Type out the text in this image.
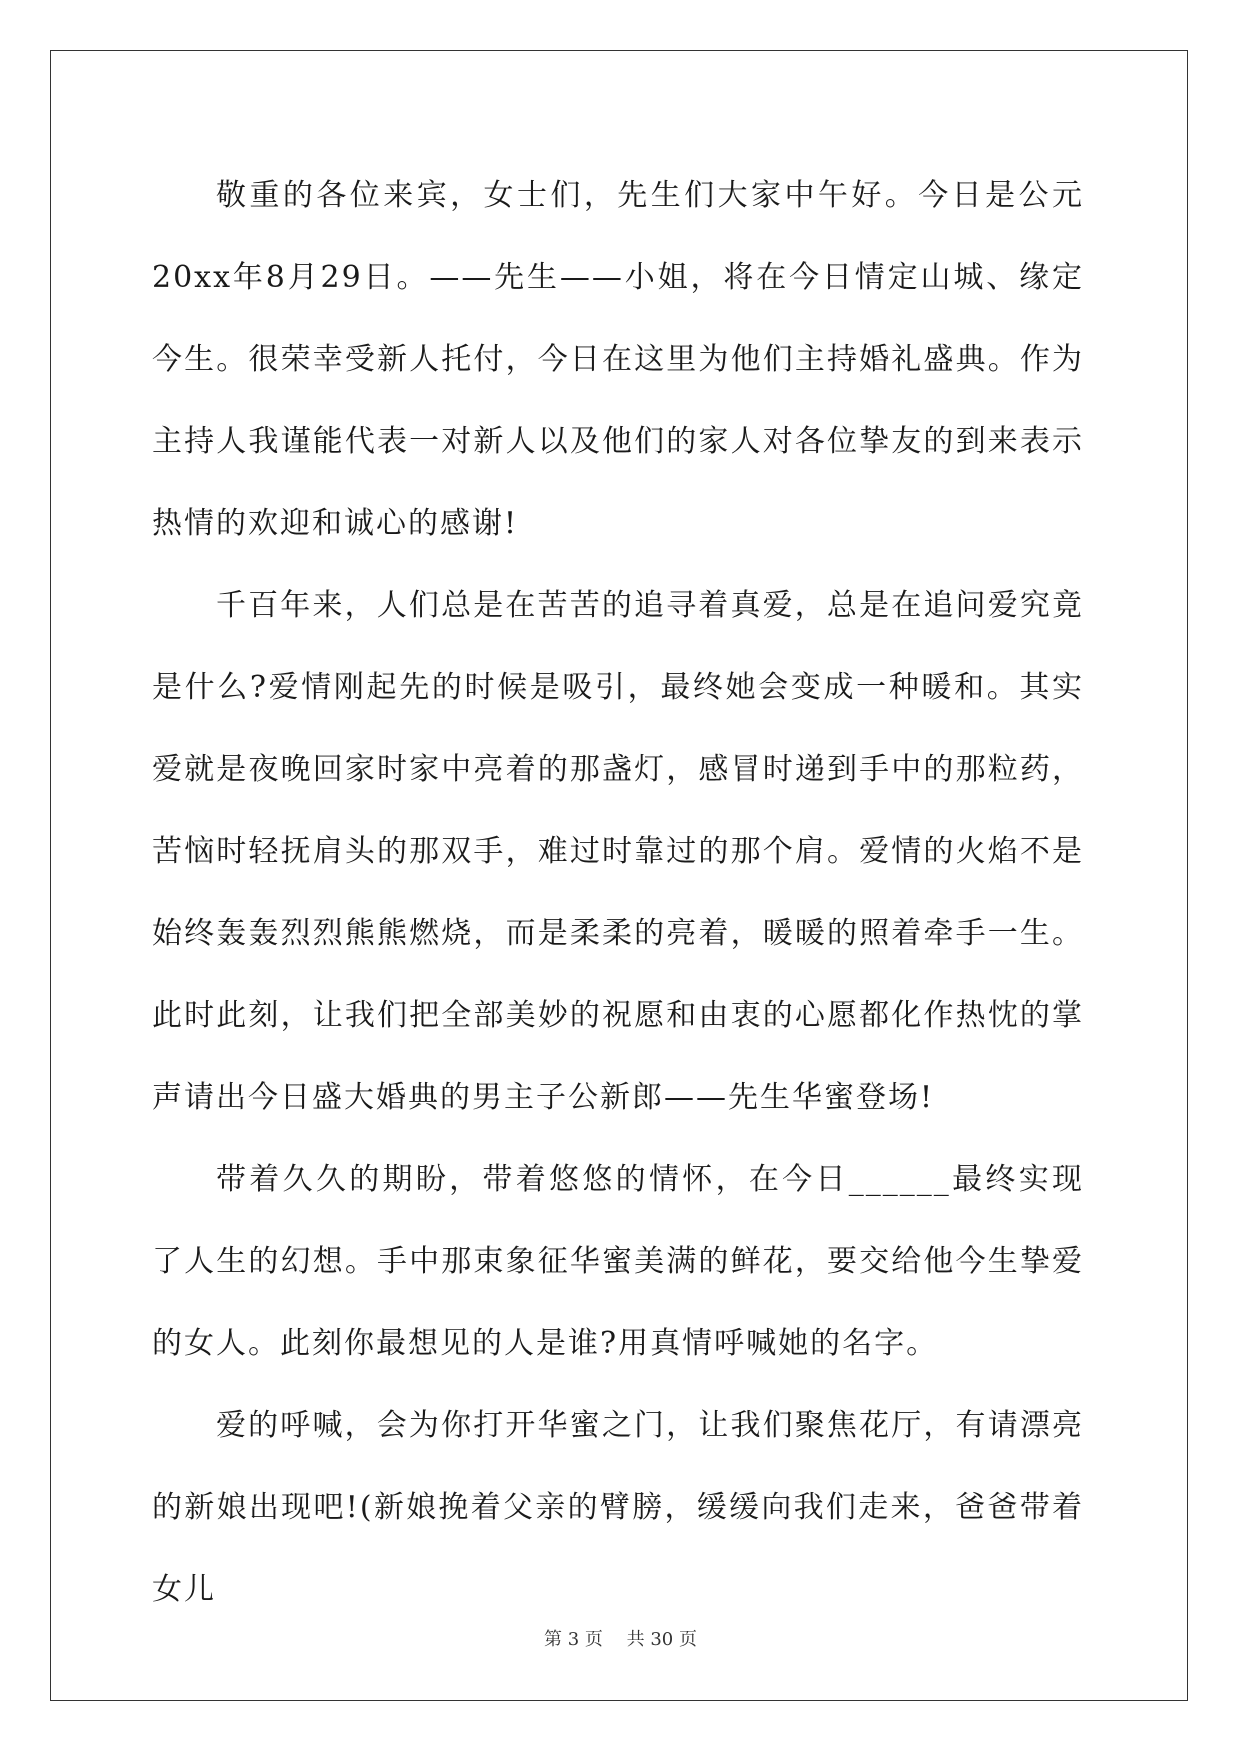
敬重的各位来宾，女士们，先生们大家中午好。今日是公元20xx年8月29日。——先生——小姐，将在今日情定山城、缘定今生。很荣幸受新人托付，今日在这里为他们主持婚礼盛典。作为主持人我谨能代表一对新人以及他们的家人对各位挚友的到来表示热情的欢迎和诚心的感谢!

千百年来，人们总是在苦苦的追寻着真爱，总是在追问爱究竟是什么?爱情刚起先的时候是吸引，最终她会变成一种暖和。其实爱就是夜晚回家时家中亮着的那盏灯，感冒时递到手中的那粒药，苦恼时轻抚肩头的那双手，难过时靠过的那个肩。爱情的火焰不是始终轰轰烈烈熊熊燃烧，而是柔柔的亮着，暖暖的照着牵手一生。此时此刻，让我们把全部美妙的祝愿和由衷的心愿都化作热忱的掌声请出今日盛大婚典的男主子公新郎——先生华蜜登场!

带着久久的期盼，带着悠悠的情怀，在今日______最终实现了人生的幻想。手中那束象征华蜜美满的鲜花，要交给他今生挚爱的女人。此刻你最想见的人是谁?用真情呼喊她的名字。

爱的呼喊，会为你打开华蜜之门，让我们聚焦花厅，有请漂亮的新娘出现吧!(新娘挽着父亲的臂膀，缓缓向我们走来，爸爸带着女儿

第 3 页　 共 30 页
